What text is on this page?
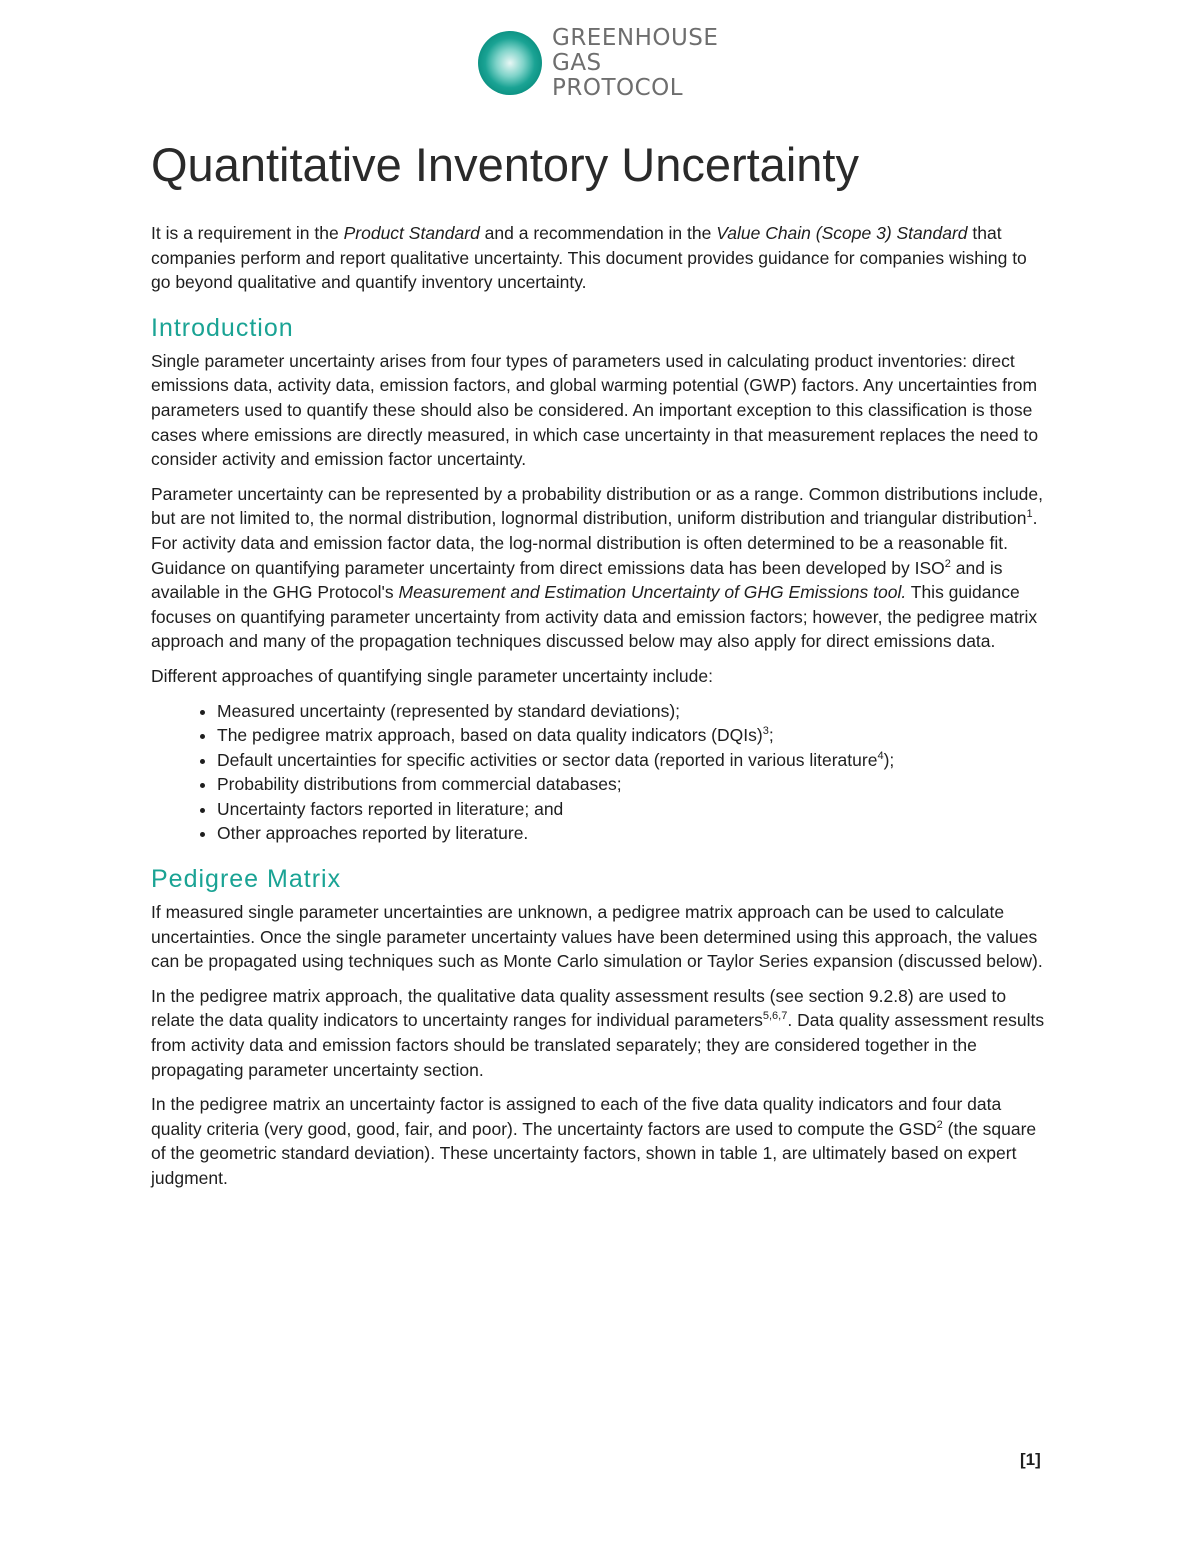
GREENHOUSE
GAS PROTOCOL
Quantitative Inventory Uncertainty

It is a requirement in the Product Standard and a recommendation in the Value Chain (Scope 3) Standard that companies perform and report qualitative uncertainty. This document provides guidance for companies wishing to go beyond qualitative and quantify inventory uncertainty.

Introduction

Single parameter uncertainty arises from four types of parameters used in calculating product inventories: direct emissions data, activity data, emission factors, and global warming potential (GWP) factors. Any uncertainties from parameters used to quantify these should also be considered. An important exception to this classification is those cases where emissions are directly measured, in which case uncertainty in that measurement replaces the need to consider activity and emission factor uncertainty.

Parameter uncertainty can be represented by a probability distribution or as a range. Common distributions include, but are not limited to, the normal distribution, lognormal distribution, uniform distribution and triangular distribution$^1$. For activity data and emission factor data, the log-normal distribution is often determined to be a reasonable fit. Guidance on quantifying parameter uncertainty from direct emissions data has been developed by ISO$^2$ and is available in the GHG Protocol's Measurement and Estimation Uncertainty of GHG Emissions tool. This guidance focuses on quantifying parameter uncertainty from activity data and emission factors; however, the pedigree matrix approach and many of the propagation techniques discussed below may also apply for direct emissions data.

Different approaches of quantifying single parameter uncertainty include:

• Measured uncertainty (represented by standard deviations);
• The pedigree matrix approach, based on data quality indicators (DQIs)$^3$;
• Default uncertainties for specific activities or sector data (reported in various literature$^4$);
• Probability distributions from commercial databases;
• Uncertainty factors reported in literature; and
• Other approaches reported by literature.
Pedigree Matrix

If measured single parameter uncertainties are unknown, a pedigree matrix approach can be used to calculate uncertainties. Once the single parameter uncertainty values have been determined using this approach, the values can be propagated using techniques such as Monte Carlo simulation or Taylor Series expansion (discussed below).

In the pedigree matrix approach, the qualitative data quality assessment results (see section 9.2.8) are used to relate the data quality indicators to uncertainty ranges for individual parameters$^{5,6,7}$. Data quality assessment results from activity data and emission factors should be translated separately; they are considered together in the propagating parameter uncertainty section.

In the pedigree matrix an uncertainty factor is assigned to each of the five data quality indicators and four data quality criteria (very good, good, fair, and poor). The uncertainty factors are used to compute the GSD$^2$ (the square of the geometric standard deviation). These uncertainty factors, shown in table 1, are ultimately based on expert judgment.

[1]
